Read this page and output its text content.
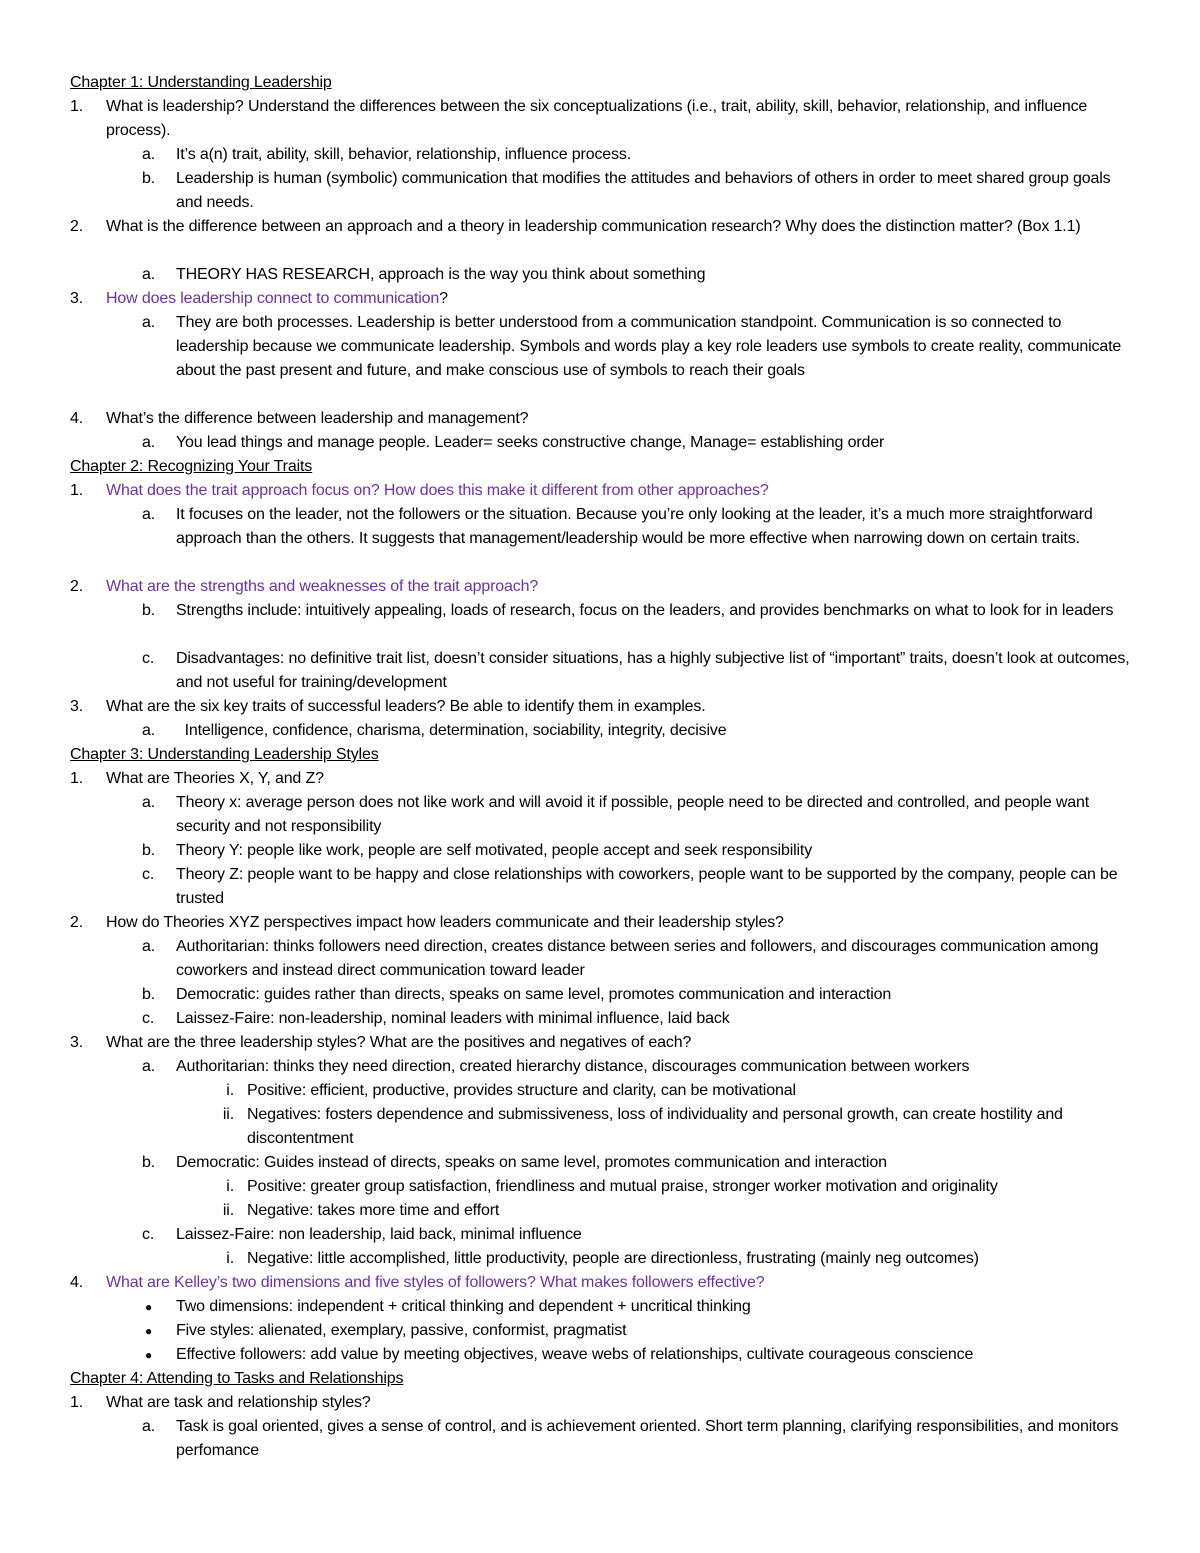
Chapter 1: Understanding Leadership
1. What is leadership? Understand the differences between the six conceptualizations (i.e., trait, ability, skill, behavior, relationship, and influence process).
a. It’s a(n) trait, ability, skill, behavior, relationship, influence process.
b. Leadership is human (symbolic) communication that modifies the attitudes and behaviors of others in order to meet shared group goals and needs.
2. What is the difference between an approach and a theory in leadership communication research? Why does the distinction matter? (Box 1.1)
a. THEORY HAS RESEARCH, approach is the way you think about something
3. How does leadership connect to communication?
a. They are both processes. Leadership is better understood from a communication standpoint. Communication is so connected to leadership because we communicate leadership. Symbols and words play a key role leaders use symbols to create reality, communicate about the past present and future, and make conscious use of symbols to reach their goals
4. What’s the difference between leadership and management?
a. You lead things and manage people. Leader= seeks constructive change, Manage= establishing order
Chapter 2: Recognizing Your Traits
1. What does the trait approach focus on? How does this make it different from other approaches?
a. It focuses on the leader, not the followers or the situation. Because you’re only looking at the leader, it’s a much more straightforward approach than the others. It suggests that management/leadership would be more effective when narrowing down on certain traits.
2. What are the strengths and weaknesses of the trait approach?
b. Strengths include: intuitively appealing, loads of research, focus on the leaders, and provides benchmarks on what to look for in leaders
c. Disadvantages: no definitive trait list, doesn’t consider situations, has a highly subjective list of “important” traits, doesn’t look at outcomes, and not useful for training/development
3. What are the six key traits of successful leaders? Be able to identify them in examples.
a. Intelligence, confidence, charisma, determination, sociability, integrity, decisive
Chapter 3: Understanding Leadership Styles
1. What are Theories X, Y, and Z?
a. Theory x: average person does not like work and will avoid it if possible, people need to be directed and controlled, and people want security and not responsibility
b. Theory Y: people like work, people are self motivated, people accept and seek responsibility
c. Theory Z: people want to be happy and close relationships with coworkers, people want to be supported by the company, people can be trusted
2. How do Theories XYZ perspectives impact how leaders communicate and their leadership styles?
a. Authoritarian: thinks followers need direction, creates distance between series and followers, and discourages communication among coworkers and instead direct communication toward leader
b. Democratic: guides rather than directs, speaks on same level, promotes communication and interaction
c. Laissez-Faire: non-leadership, nominal leaders with minimal influence, laid back
3. What are the three leadership styles? What are the positives and negatives of each?
a. Authoritarian: thinks they need direction, created hierarchy distance, discourages communication between workers
i. Positive: efficient, productive, provides structure and clarity, can be motivational
ii. Negatives: fosters dependence and submissiveness, loss of individuality and personal growth, can create hostility and discontentment
b. Democratic: Guides instead of directs, speaks on same level, promotes communication and interaction
i. Positive: greater group satisfaction, friendliness and mutual praise, stronger worker motivation and originality
ii. Negative: takes more time and effort
c. Laissez-Faire: non leadership, laid back, minimal influence
i. Negative: little accomplished, little productivity, people are directionless, frustrating (mainly neg outcomes)
4. What are Kelley’s two dimensions and five styles of followers? What makes followers effective?
● Two dimensions: independent + critical thinking and dependent + uncritical thinking
● Five styles: alienated, exemplary, passive, conformist, pragmatist
● Effective followers: add value by meeting objectives, weave webs of relationships, cultivate courageous conscience
Chapter 4: Attending to Tasks and Relationships
1. What are task and relationship styles?
a. Task is goal oriented, gives a sense of control, and is achievement oriented. Short term planning, clarifying responsibilities, and monitors perfomance
